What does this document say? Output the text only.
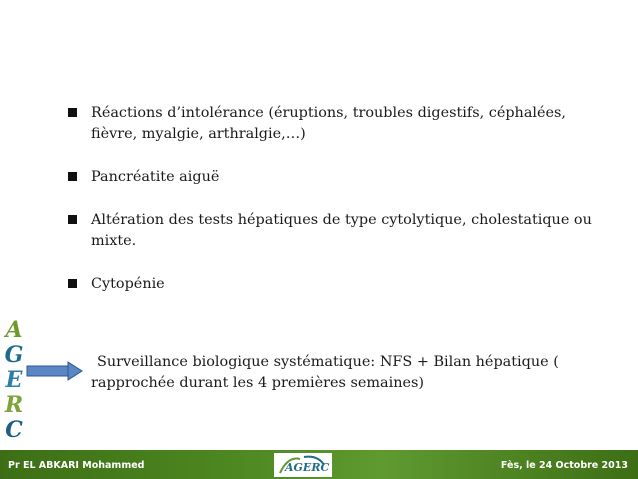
A
G
E
R
C
Réactions d’intolérance (éruptions, troubles digestifs, céphalées,
fièvre, myalgie, arthralgie,…)
Pancréatite aiguë
Altération des tests hépatiques de type cytolytique, cholestatique ou
mixte.
Cytopénie
Surveillance biologique systématique: NFS + Bilan hépatique (
rapprochée durant les 4 premières semaines)
Pr EL ABKARI Mohammed	Fès, le 24 Octobre 2013
AGERC
